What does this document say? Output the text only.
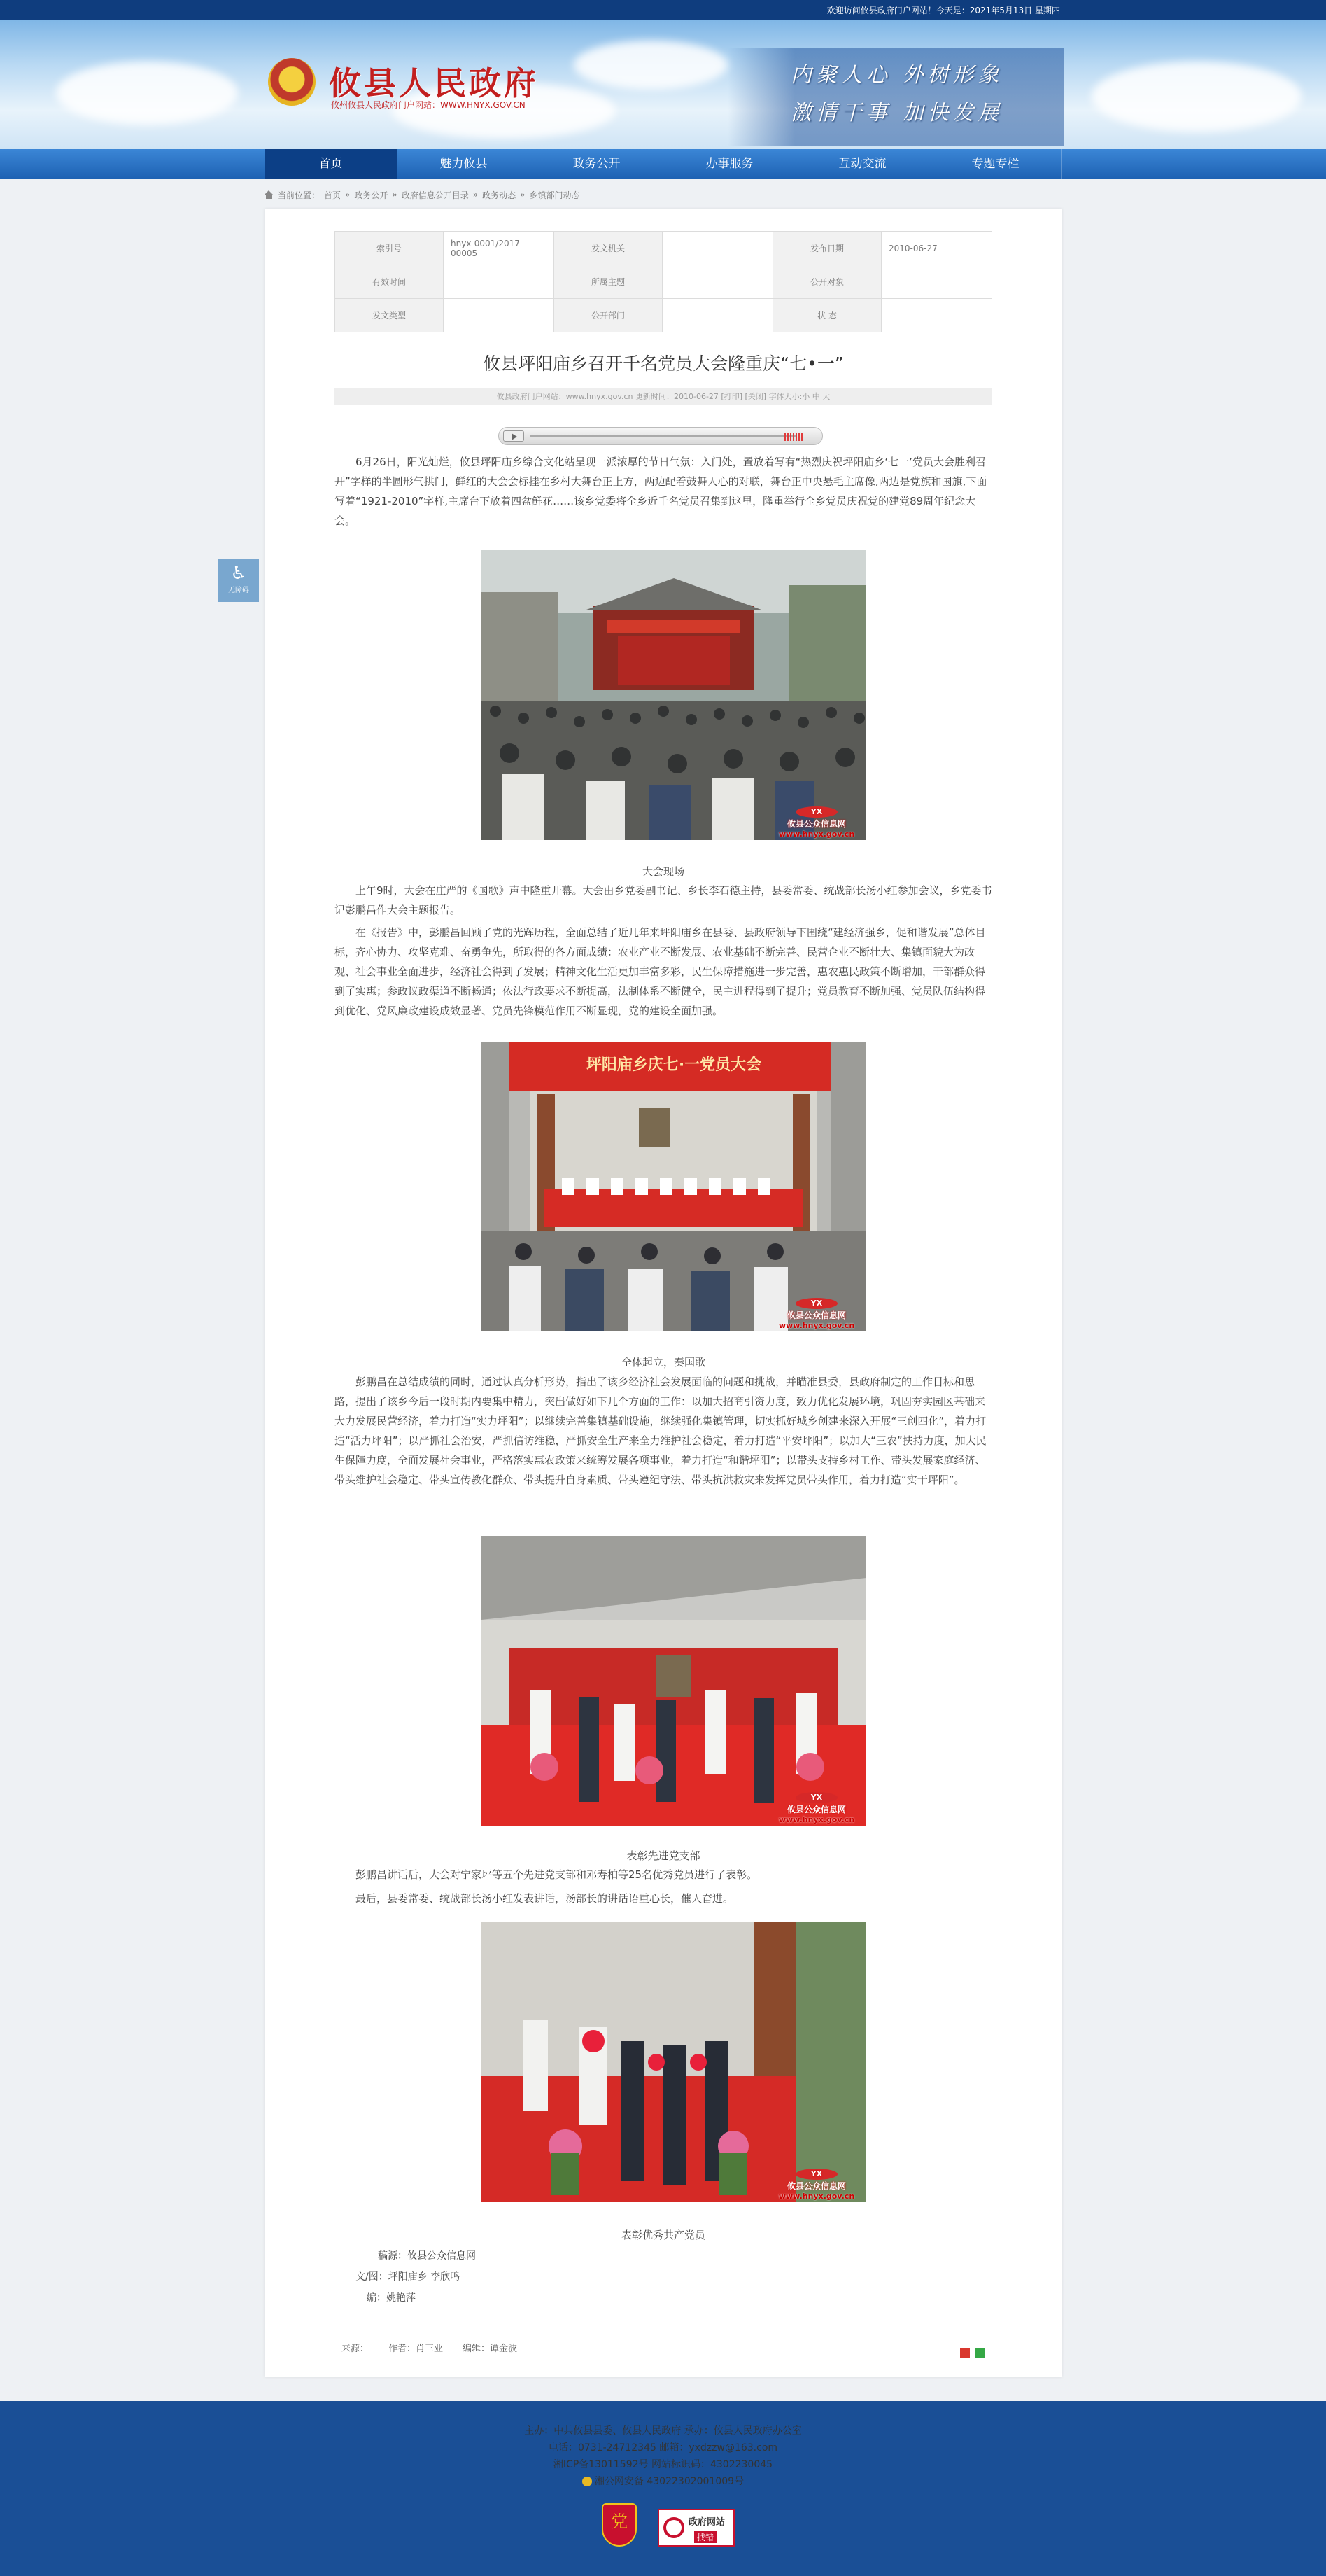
欢迎访问攸县政府门户网站！今天是：2021年5月13日 星期四
★ 攸县人民政府
攸州攸县人民政府门户网站：WWW.HNYX.GOV.CN
内聚人心 外树形象
激情干事 加快发展
首页	魅力攸县	政务公开	办事服务	互动交流	专题专栏
当前位置： 首页 » 政务公开 » 政府信息公开目录 » 政务动态 » 乡镇部门动态
♿
无障碍
索引号	hnyx-0001/2017-00005	发文机关		发布日期	2010-06-27
有效时间		所属主题		公开对象	
发文类型		公开部门		状 态	
攸县坪阳庙乡召开千名党员大会隆重庆“七•一”
攸县政府门户网站：www.hnyx.gov.cn 更新时间：2010-06-27 [打印] [关闭] 字体大小:小 中 大
6月26日，阳光灿烂，攸县坪阳庙乡综合文化站呈现一派浓厚的节日气氛：入门处，置放着写有“热烈庆祝坪阳庙乡‘七一’党员大会胜利召开”字样的半圆形气拱门，鲜红的大会会标挂在乡村大舞台正上方，两边配着鼓舞人心的对联，舞台正中央悬毛主席像,两边是党旗和国旗,下面写着“1921-2010”字样,主席台下放着四盆鲜花……该乡党委将全乡近千名党员召集到这里，隆重举行全乡党员庆祝党的建党89周年纪念大会。
YX
攸县公众信息网
www.hnyx.gov.cn
大会现场
上午9时，大会在庄严的《国歌》声中隆重开幕。大会由乡党委副书记、乡长李石德主持，县委常委、统战部长汤小红参加会议，乡党委书记彭鹏昌作大会主题报告。
在《报告》中，彭鹏昌回顾了党的光辉历程，全面总结了近几年来坪阳庙乡在县委、县政府领导下围绕“建经济强乡，促和谐发展”总体目标，齐心协力、攻坚克难、奋勇争先，所取得的各方面成绩：农业产业不断发展、农业基础不断完善、民营企业不断壮大、集镇面貌大为改观、社会事业全面进步，经济社会得到了发展；精神文化生活更加丰富多彩，民生保障措施进一步完善，惠农惠民政策不断增加，干部群众得到了实惠；参政议政渠道不断畅通；依法行政要求不断提高，法制体系不断健全，民主进程得到了提升；党员教育不断加强、党员队伍结构得到优化、党风廉政建设成效显著、党员先锋模范作用不断显现，党的建设全面加强。
坪阳庙乡庆七·一党员大会
YX
攸县公众信息网
www.hnyx.gov.cn
全体起立，奏国歌
彭鹏昌在总结成绩的同时，通过认真分析形势，指出了该乡经济社会发展面临的问题和挑战，并瞄准县委，县政府制定的工作目标和思路，提出了该乡今后一段时期内要集中精力，突出做好如下几个方面的工作：以加大招商引资力度，致力优化发展环境，巩固夯实园区基础来大力发展民营经济，着力打造“实力坪阳”；以继续完善集镇基础设施，继续强化集镇管理，切实抓好城乡创建来深入开展“三创四化”，着力打造“活力坪阳”；以严抓社会治安，严抓信访维稳，严抓安全生产来全力维护社会稳定，着力打造“平安坪阳”；以加大“三农”扶持力度，加大民生保障力度，全面发展社会事业，严格落实惠农政策来统筹发展各项事业，着力打造“和谐坪阳”；以带头支持乡村工作、带头发展家庭经济、带头维护社会稳定、带头宣传教化群众、带头提升自身素质、带头遵纪守法、带头抗洪救灾来发挥党员带头作用，着力打造“实干坪阳”。
YX
攸县公众信息网
www.hnyx.gov.cn
表彰先进党支部
彭鹏昌讲话后，大会对宁家坪等五个先进党支部和邓寿柏等25名优秀党员进行了表彰。
最后，县委常委、统战部长汤小红发表讲话，汤部长的讲话语重心长，催人奋进。
YX
攸县公众信息网
www.hnyx.gov.cn
表彰优秀共产党员
稿源：攸县公众信息网
文/图：坪阳庙乡 李欣鸣
编：姚艳萍
来源： 作者：肖三业 编辑：谭金波
主办：中共攸县县委、攸县人民政府 承办：攸县人民政府办公室
电话：0731-24712345 邮箱：yxdzzw@163.com
湘ICP备13011592号 网站标识码：4302230045
湘公网安备 43022302001009号
党	政府网站
找错
